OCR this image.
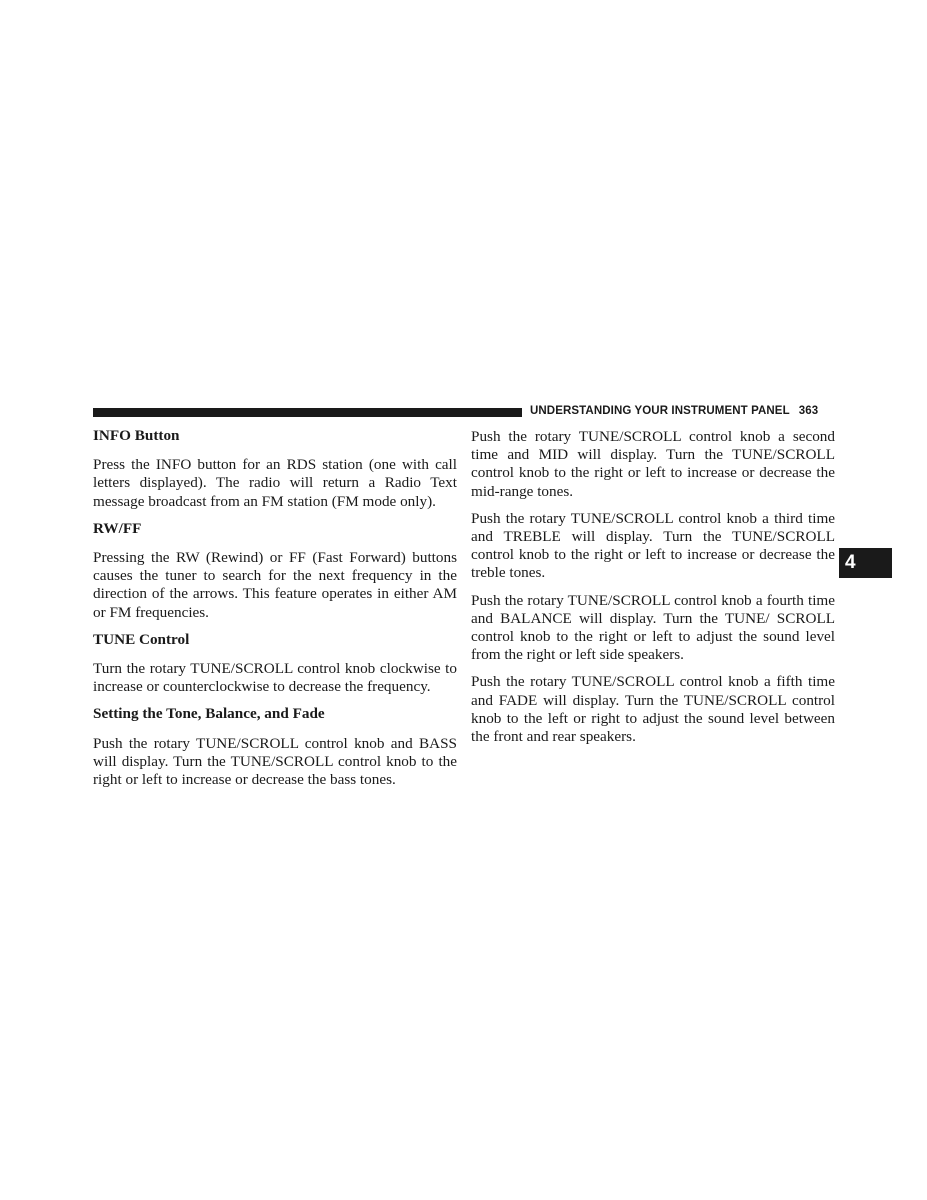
UNDERSTANDING YOUR INSTRUMENT PANEL 363
4
INFO Button

Press the INFO button for an RDS station (one with call letters displayed). The radio will return a Radio Text message broadcast from an FM station (FM mode only).

RW/FF

Pressing the RW (Rewind) or FF (Fast Forward) buttons causes the tuner to search for the next frequency in the direction of the arrows. This feature operates in either AM or FM frequencies.

TUNE Control

Turn the rotary TUNE/SCROLL control knob clockwise to increase or counterclockwise to decrease the frequency.

Setting the Tone, Balance, and Fade

Push the rotary TUNE/SCROLL control knob and BASS will display. Turn the TUNE/SCROLL control knob to the right or left to increase or decrease the bass tones.

Push the rotary TUNE/SCROLL control knob a second time and MID will display. Turn the TUNE/SCROLL control knob to the right or left to increase or decrease the mid-range tones.

Push the rotary TUNE/SCROLL control knob a third time and TREBLE will display. Turn the TUNE/SCROLL control knob to the right or left to increase or decrease the treble tones.

Push the rotary TUNE/SCROLL control knob a fourth time and BALANCE will display. Turn the TUNE/ SCROLL control knob to the right or left to adjust the sound level from the right or left side speakers.

Push the rotary TUNE/SCROLL control knob a fifth time and FADE will display. Turn the TUNE/SCROLL control knob to the left or right to adjust the sound level between the front and rear speakers.
